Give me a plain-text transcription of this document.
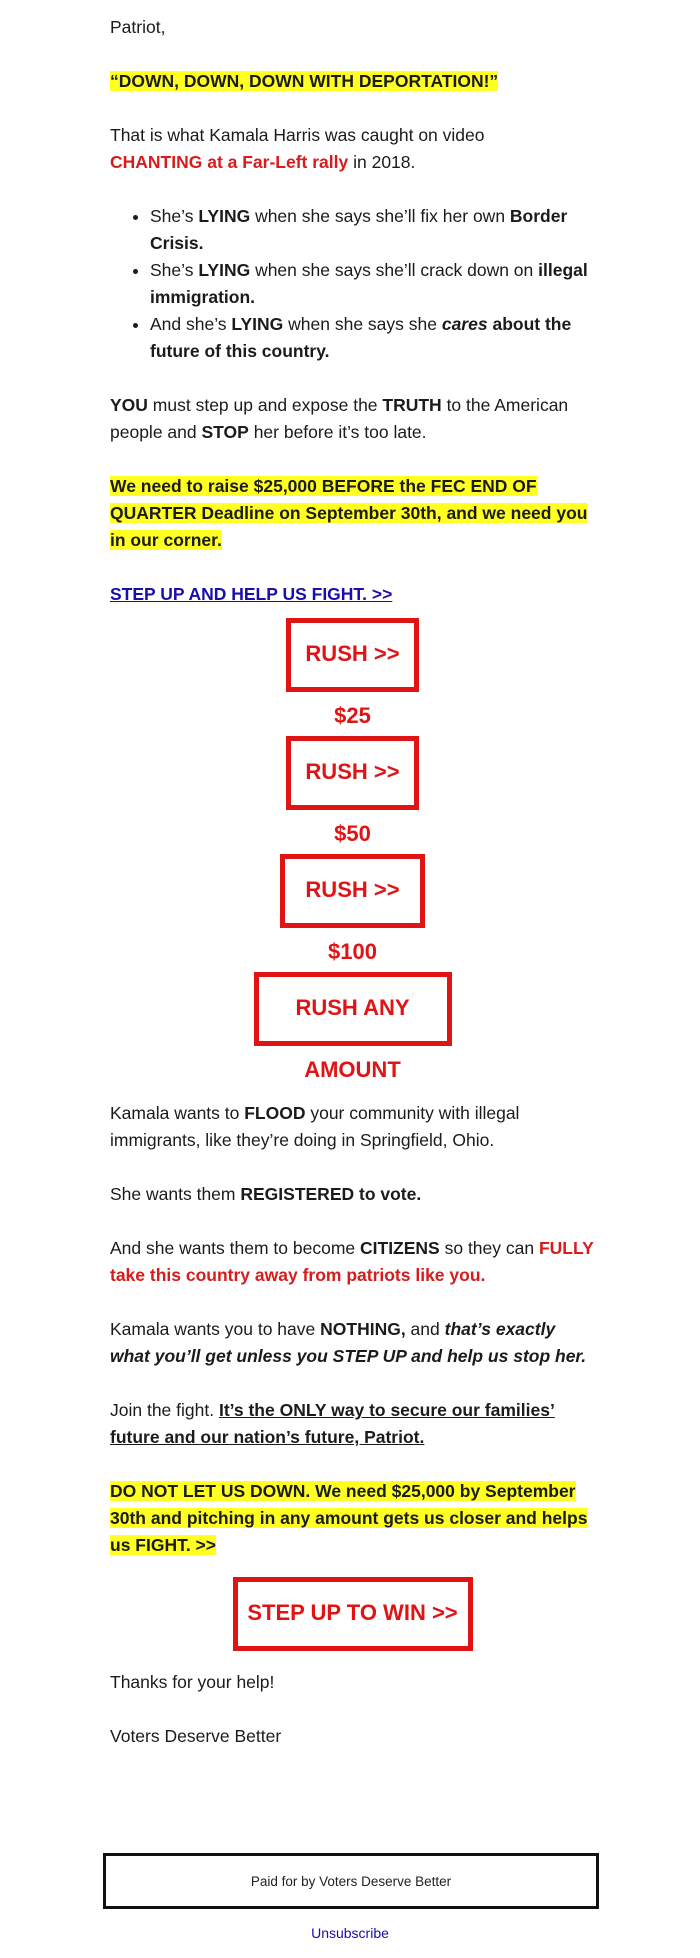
Patriot,

“DOWN, DOWN, DOWN WITH DEPORTATION!”

That is what Kamala Harris was caught on video
CHANTING at a Far-Left rally in 2018.

• She’s LYING when she says she’ll fix her own Border Crisis.
• She’s LYING when she says she’ll crack down on illegal immigration.
• And she’s LYING when she says she cares about the future of this country.

YOU must step up and expose the TRUTH to the American people and STOP her before it’s too late.

We need to raise $25,000 BEFORE the FEC END OF QUARTER Deadline on September 30th, and we need you in our corner.

STEP UP AND HELP US FIGHT. >>

RUSH >> $25
RUSH >> $50
RUSH >> $100
RUSH ANY AMOUNT

Kamala wants to FLOOD your community with illegal immigrants, like they’re doing in Springfield, Ohio.

She wants them REGISTERED to vote.

And she wants them to become CITIZENS so they can FULLY take this country away from patriots like you.

Kamala wants you to have NOTHING, and that’s exactly what you’ll get unless you STEP UP and help us stop her.

Join the fight. It’s the ONLY way to secure our families’ future and our nation’s future, Patriot.

DO NOT LET US DOWN. We need $25,000 by September 30th and pitching in any amount gets us closer and helps us FIGHT. >>

STEP UP TO WIN >>

Thanks for your help!

Voters Deserve Better

Paid for by Voters Deserve Better
Unsubscribe
